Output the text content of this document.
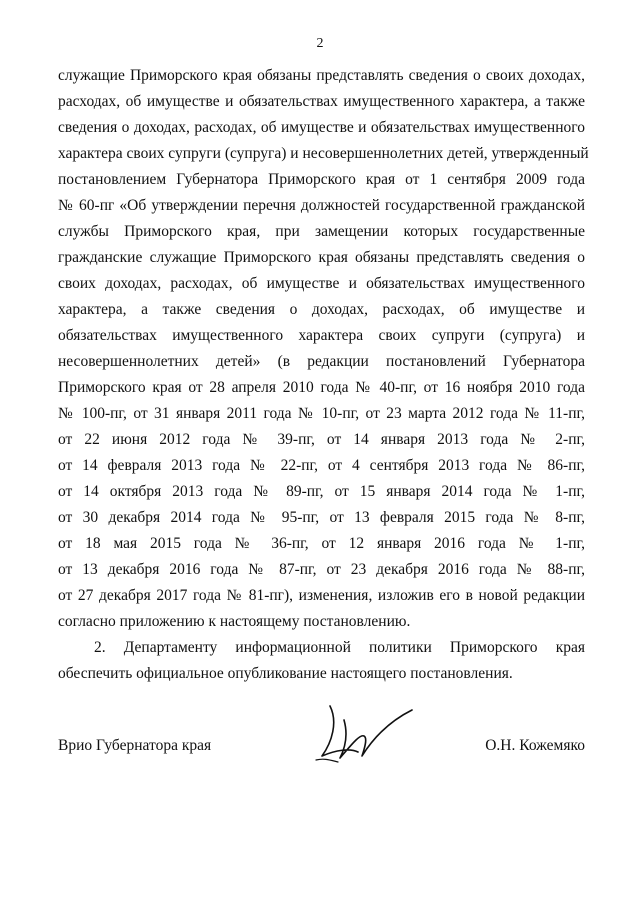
2
служащие Приморского края обязаны представлять сведения о своих доходах,
расходах, об имуществе и обязательствах имущественного характера, а также
сведения о доходах, расходах, об имуществе и обязательствах имущественного
характера своих супруги (супруга) и несовершеннолетних детей, утвержденный
постановлением Губернатора Приморского края от 1 сентября 2009 года
№ 60-пг «Об утверждении перечня должностей государственной гражданской
службы Приморского края, при замещении которых государственные
гражданские служащие Приморского края обязаны представлять сведения о
своих доходах, расходах, об имуществе и обязательствах имущественного
характера, а также сведения о доходах, расходах, об имуществе и
обязательствах имущественного характера своих супруги (супруга) и
несовершеннолетних детей» (в редакции постановлений Губернатора
Приморского края от 28 апреля 2010 года № 40-пг, от 16 ноября 2010 года
№ 100-пг, от 31 января 2011 года № 10-пг, от 23 марта 2012 года № 11-пг,
от 22 июня 2012 года № 39-пг, от 14 января 2013 года № 2-пг,
от 14 февраля 2013 года № 22-пг, от 4 сентября 2013 года № 86-пг,
от 14 октября 2013 года № 89-пг, от 15 января 2014 года № 1-пг,
от 30 декабря 2014 года № 95-пг, от 13 февраля 2015 года № 8-пг,
от 18 мая 2015 года № 36-пг, от 12 января 2016 года № 1-пг,
от 13 декабря 2016 года № 87-пг, от 23 декабря 2016 года № 88-пг,
от 27 декабря 2017 года № 81-пг), изменения, изложив его в новой редакции
согласно приложению к настоящему постановлению.
2. Департаменту информационной политики Приморского края
обеспечить официальное опубликование настоящего постановления.
Врио Губернатора края	О.Н. Кожемяко
